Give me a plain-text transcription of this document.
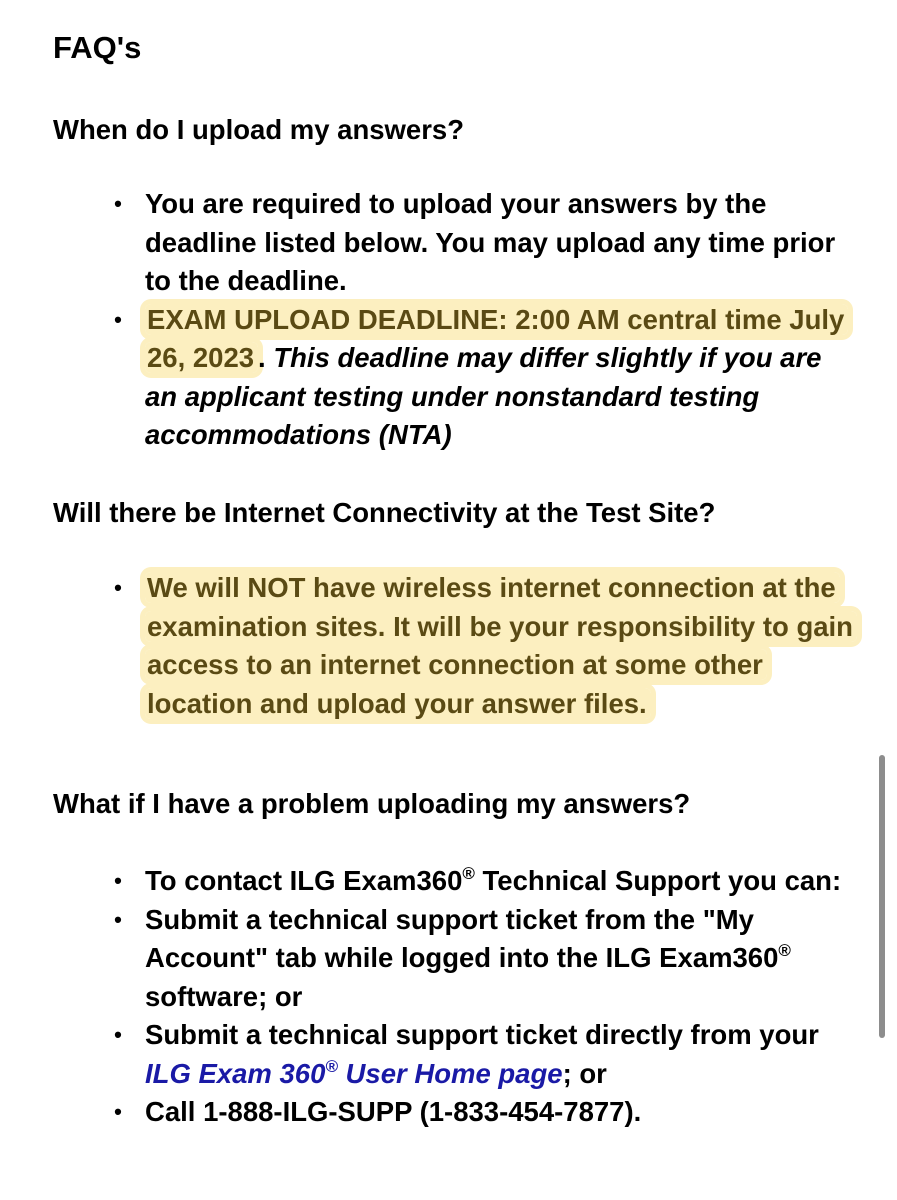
FAQ's
When do I upload my answers?
• You are required to upload your answers by the deadline listed below. You may upload any time prior to the deadline.
• EXAM UPLOAD DEADLINE: 2:00 AM central time July 26, 2023 . This deadline may differ slightly if you are an applicant testing under nonstandard testing accommodations (NTA)
Will there be Internet Connectivity at the Test Site?
• We will NOT have wireless internet connection at the examination sites. It will be your responsibility to gain access to an internet connection at some other location and upload your answer files.
What if I have a problem uploading my answers?
• To contact ILG Exam360® Technical Support you can:
• Submit a technical support ticket from the "My Account" tab while logged into the ILG Exam360® software; or
• Submit a technical support ticket directly from your ILG Exam 360® User Home page; or
• Call 1-888-ILG-SUPP (1-833-454-7877).
